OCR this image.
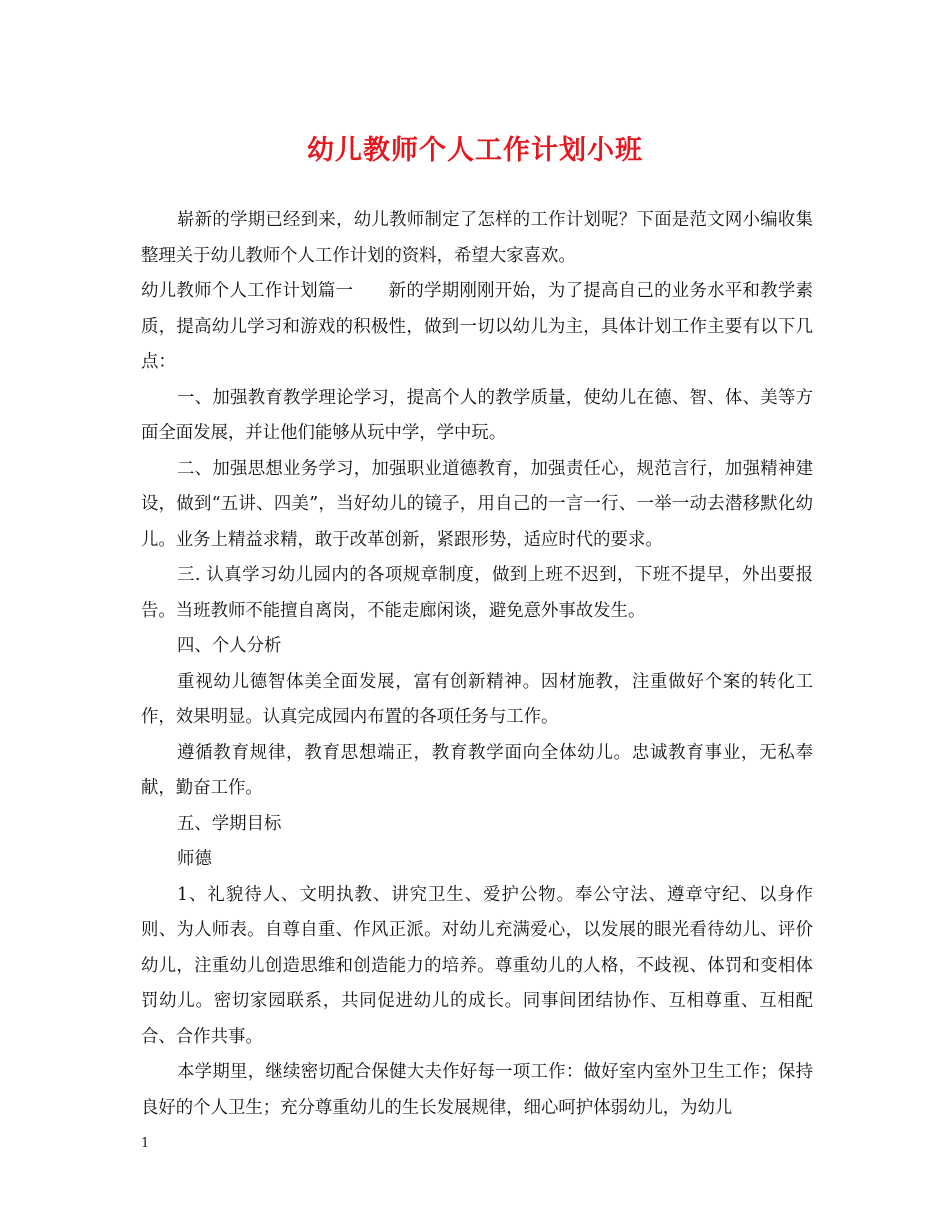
幼儿教师个人工作计划小班

崭新的学期已经到来，幼儿教师制定了怎样的工作计划呢？下面是范文网小编收集整理关于幼儿教师个人工作计划的资料，希望大家喜欢。

幼儿教师个人工作计划篇一　　新的学期刚刚开始，为了提高自己的业务水平和教学素质，提高幼儿学习和游戏的积极性，做到一切以幼儿为主，具体计划工作主要有以下几点：

一、加强教育教学理论学习，提高个人的教学质量，使幼儿在德、智、体、美等方面全面发展，并让他们能够从玩中学，学中玩。

二、加强思想业务学习，加强职业道德教育，加强责任心，规范言行，加强精神建设，做到“五讲、四美”，当好幼儿的镜子，用自己的一言一行、一举一动去潜移默化幼儿。业务上精益求精，敢于改革创新，紧跟形势，适应时代的要求。

三. 认真学习幼儿园内的各项规章制度，做到上班不迟到，下班不提早，外出要报告。当班教师不能擅自离岗，不能走廊闲谈，避免意外事故发生。

四、个人分析

重视幼儿德智体美全面发展，富有创新精神。因材施教，注重做好个案的转化工作，效果明显。认真完成园内布置的各项任务与工作。

遵循教育规律，教育思想端正，教育教学面向全体幼儿。忠诚教育事业，无私奉献，勤奋工作。

五、学期目标

师德

1、礼貌待人、文明执教、讲究卫生、爱护公物。奉公守法、遵章守纪、以身作则、为人师表。自尊自重、作风正派。对幼儿充满爱心，以发展的眼光看待幼儿、评价幼儿，注重幼儿创造思维和创造能力的培养。尊重幼儿的人格，不歧视、体罚和变相体罚幼儿。密切家园联系，共同促进幼儿的成长。同事间团结协作、互相尊重、互相配合、合作共事。

本学期里，继续密切配合保健大夫作好每一项工作：做好室内室外卫生工作；保持良好的个人卫生；充分尊重幼儿的生长发展规律，细心呵护体弱幼儿，为幼儿

1
